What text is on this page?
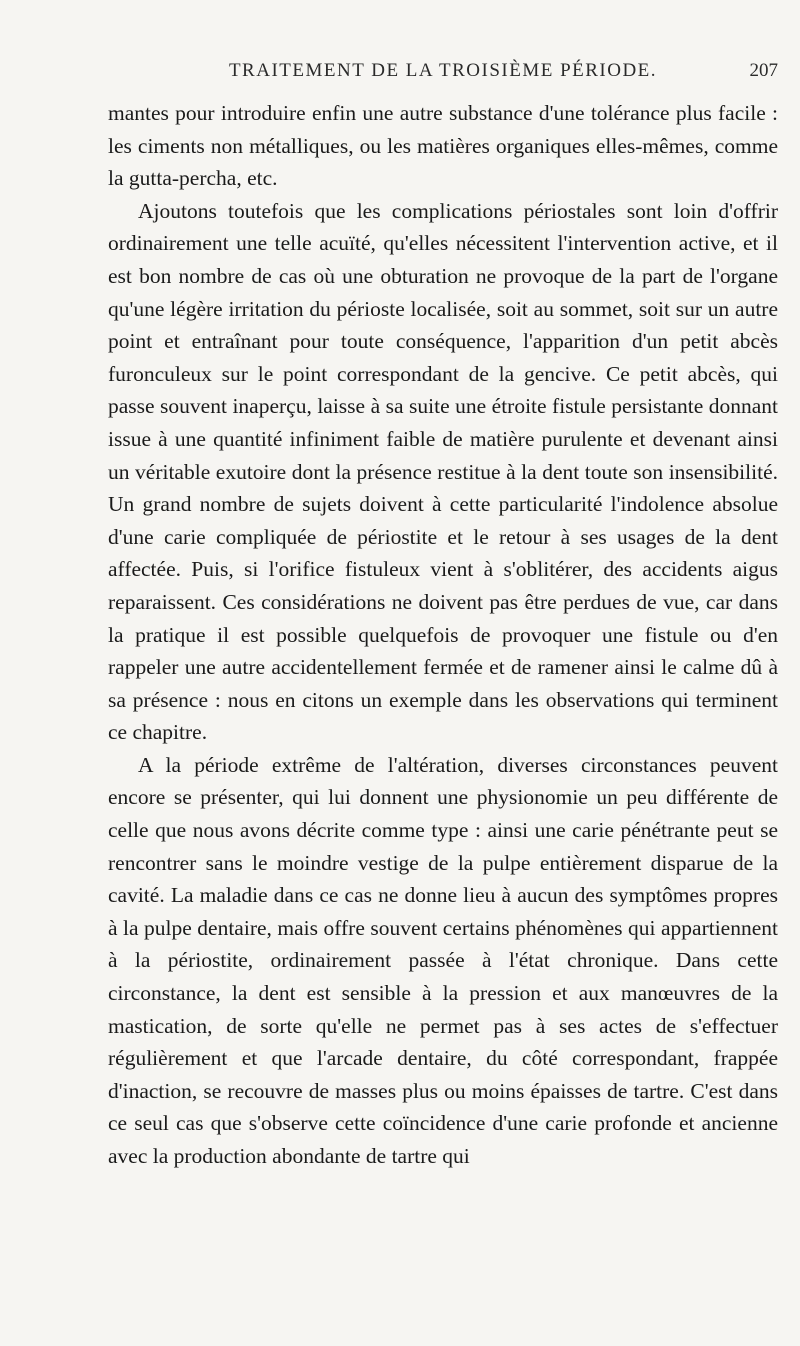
TRAITEMENT DE LA TROISIÈME PÉRIODE.	207

mantes pour introduire enfin une autre substance d'une tolérance plus facile : les ciments non métalliques, ou les matières organiques elles-mêmes, comme la gutta-percha, etc.

Ajoutons toutefois que les complications périostales sont loin d'offrir ordinairement une telle acuïté, qu'elles nécessitent l'intervention active, et il est bon nombre de cas où une obturation ne provoque de la part de l'organe qu'une légère irritation du périoste localisée, soit au sommet, soit sur un autre point et entraînant pour toute conséquence, l'apparition d'un petit abcès furonculeux sur le point correspondant de la gencive. Ce petit abcès, qui passe souvent inaperçu, laisse à sa suite une étroite fistule persistante donnant issue à une quantité infiniment faible de matière purulente et devenant ainsi un véritable exutoire dont la présence restitue à la dent toute son insensibilité. Un grand nombre de sujets doivent à cette particularité l'indolence absolue d'une carie compliquée de périostite et le retour à ses usages de la dent affectée. Puis, si l'orifice fistuleux vient à s'oblitérer, des accidents aigus reparaissent. Ces considérations ne doivent pas être perdues de vue, car dans la pratique il est possible quelquefois de provoquer une fistule ou d'en rappeler une autre accidentellement fermée et de ramener ainsi le calme dû à sa présence : nous en citons un exemple dans les observations qui terminent ce chapitre.

A la période extrême de l'altération, diverses circonstances peuvent encore se présenter, qui lui donnent une physionomie un peu différente de celle que nous avons décrite comme type : ainsi une carie pénétrante peut se rencontrer sans le moindre vestige de la pulpe entièrement disparue de la cavité. La maladie dans ce cas ne donne lieu à aucun des symptômes propres à la pulpe dentaire, mais offre souvent certains phénomènes qui appartiennent à la périostite, ordinairement passée à l'état chronique. Dans cette circonstance, la dent est sensible à la pression et aux manœuvres de la mastication, de sorte qu'elle ne permet pas à ses actes de s'effectuer régulièrement et que l'arcade dentaire, du côté correspondant, frappée d'inaction, se recouvre de masses plus ou moins épaisses de tartre. C'est dans ce seul cas que s'observe cette coïncidence d'une carie profonde et ancienne avec la production abondante de tartre qui
